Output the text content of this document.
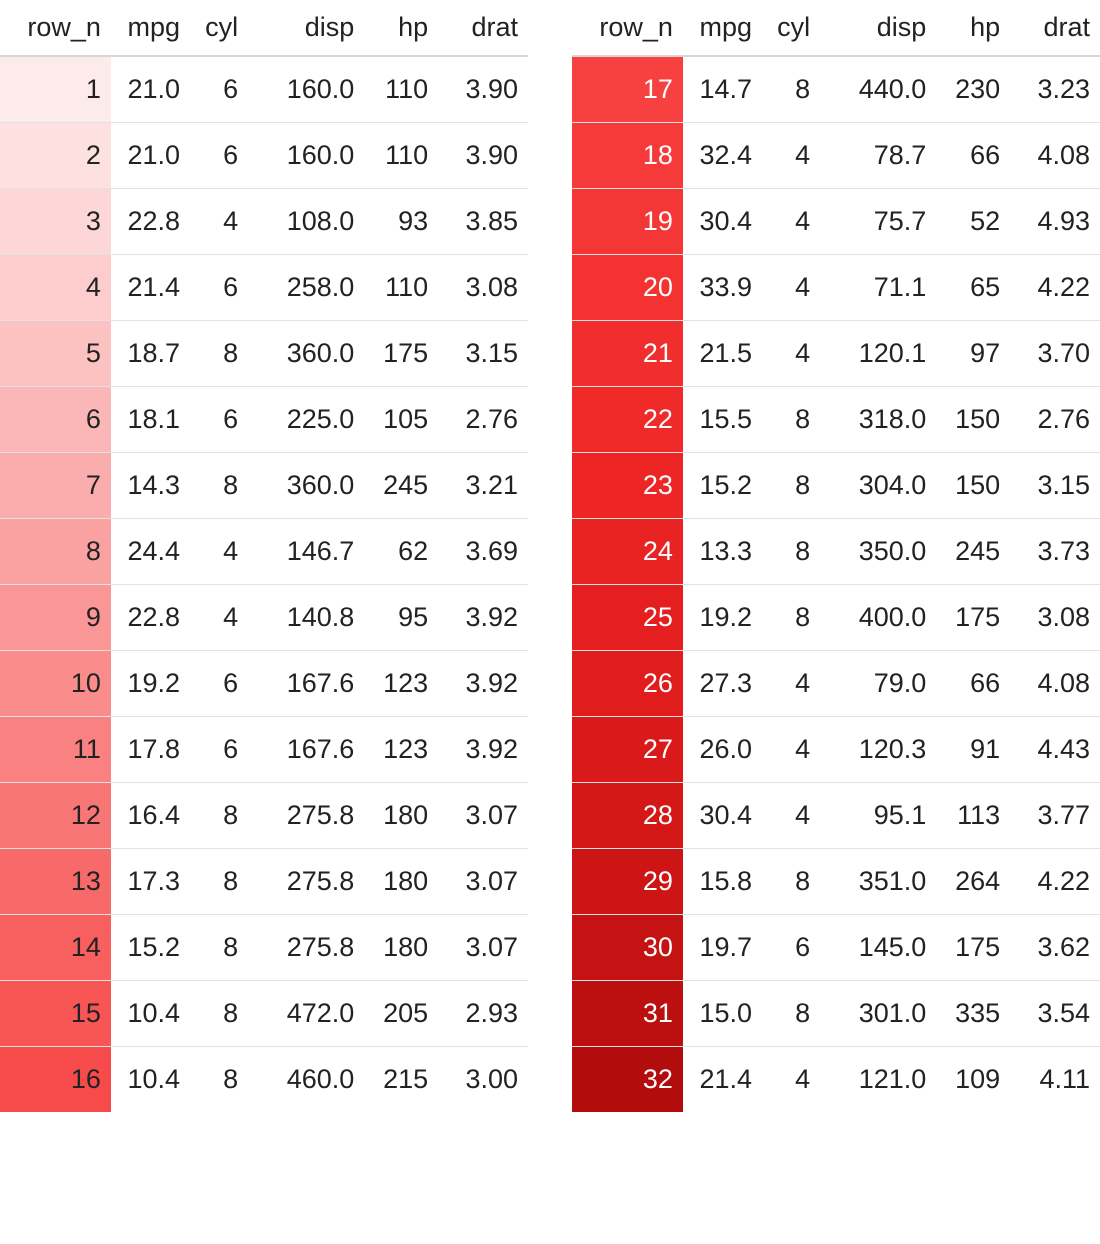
row_n	mpg	cyl	disp	hp	drat
1	21.0	6	160.0	110	3.90
2	21.0	6	160.0	110	3.90
3	22.8	4	108.0	93	3.85
4	21.4	6	258.0	110	3.08
5	18.7	8	360.0	175	3.15
6	18.1	6	225.0	105	2.76
7	14.3	8	360.0	245	3.21
8	24.4	4	146.7	62	3.69
9	22.8	4	140.8	95	3.92
10	19.2	6	167.6	123	3.92
11	17.8	6	167.6	123	3.92
12	16.4	8	275.8	180	3.07
13	17.3	8	275.8	180	3.07
14	15.2	8	275.8	180	3.07
15	10.4	8	472.0	205	2.93
16	10.4	8	460.0	215	3.00
row_n	mpg	cyl	disp	hp	drat
17	14.7	8	440.0	230	3.23
18	32.4	4	78.7	66	4.08
19	30.4	4	75.7	52	4.93
20	33.9	4	71.1	65	4.22
21	21.5	4	120.1	97	3.70
22	15.5	8	318.0	150	2.76
23	15.2	8	304.0	150	3.15
24	13.3	8	350.0	245	3.73
25	19.2	8	400.0	175	3.08
26	27.3	4	79.0	66	4.08
27	26.0	4	120.3	91	4.43
28	30.4	4	95.1	113	3.77
29	15.8	8	351.0	264	4.22
30	19.7	6	145.0	175	3.62
31	15.0	8	301.0	335	3.54
32	21.4	4	121.0	109	4.11
